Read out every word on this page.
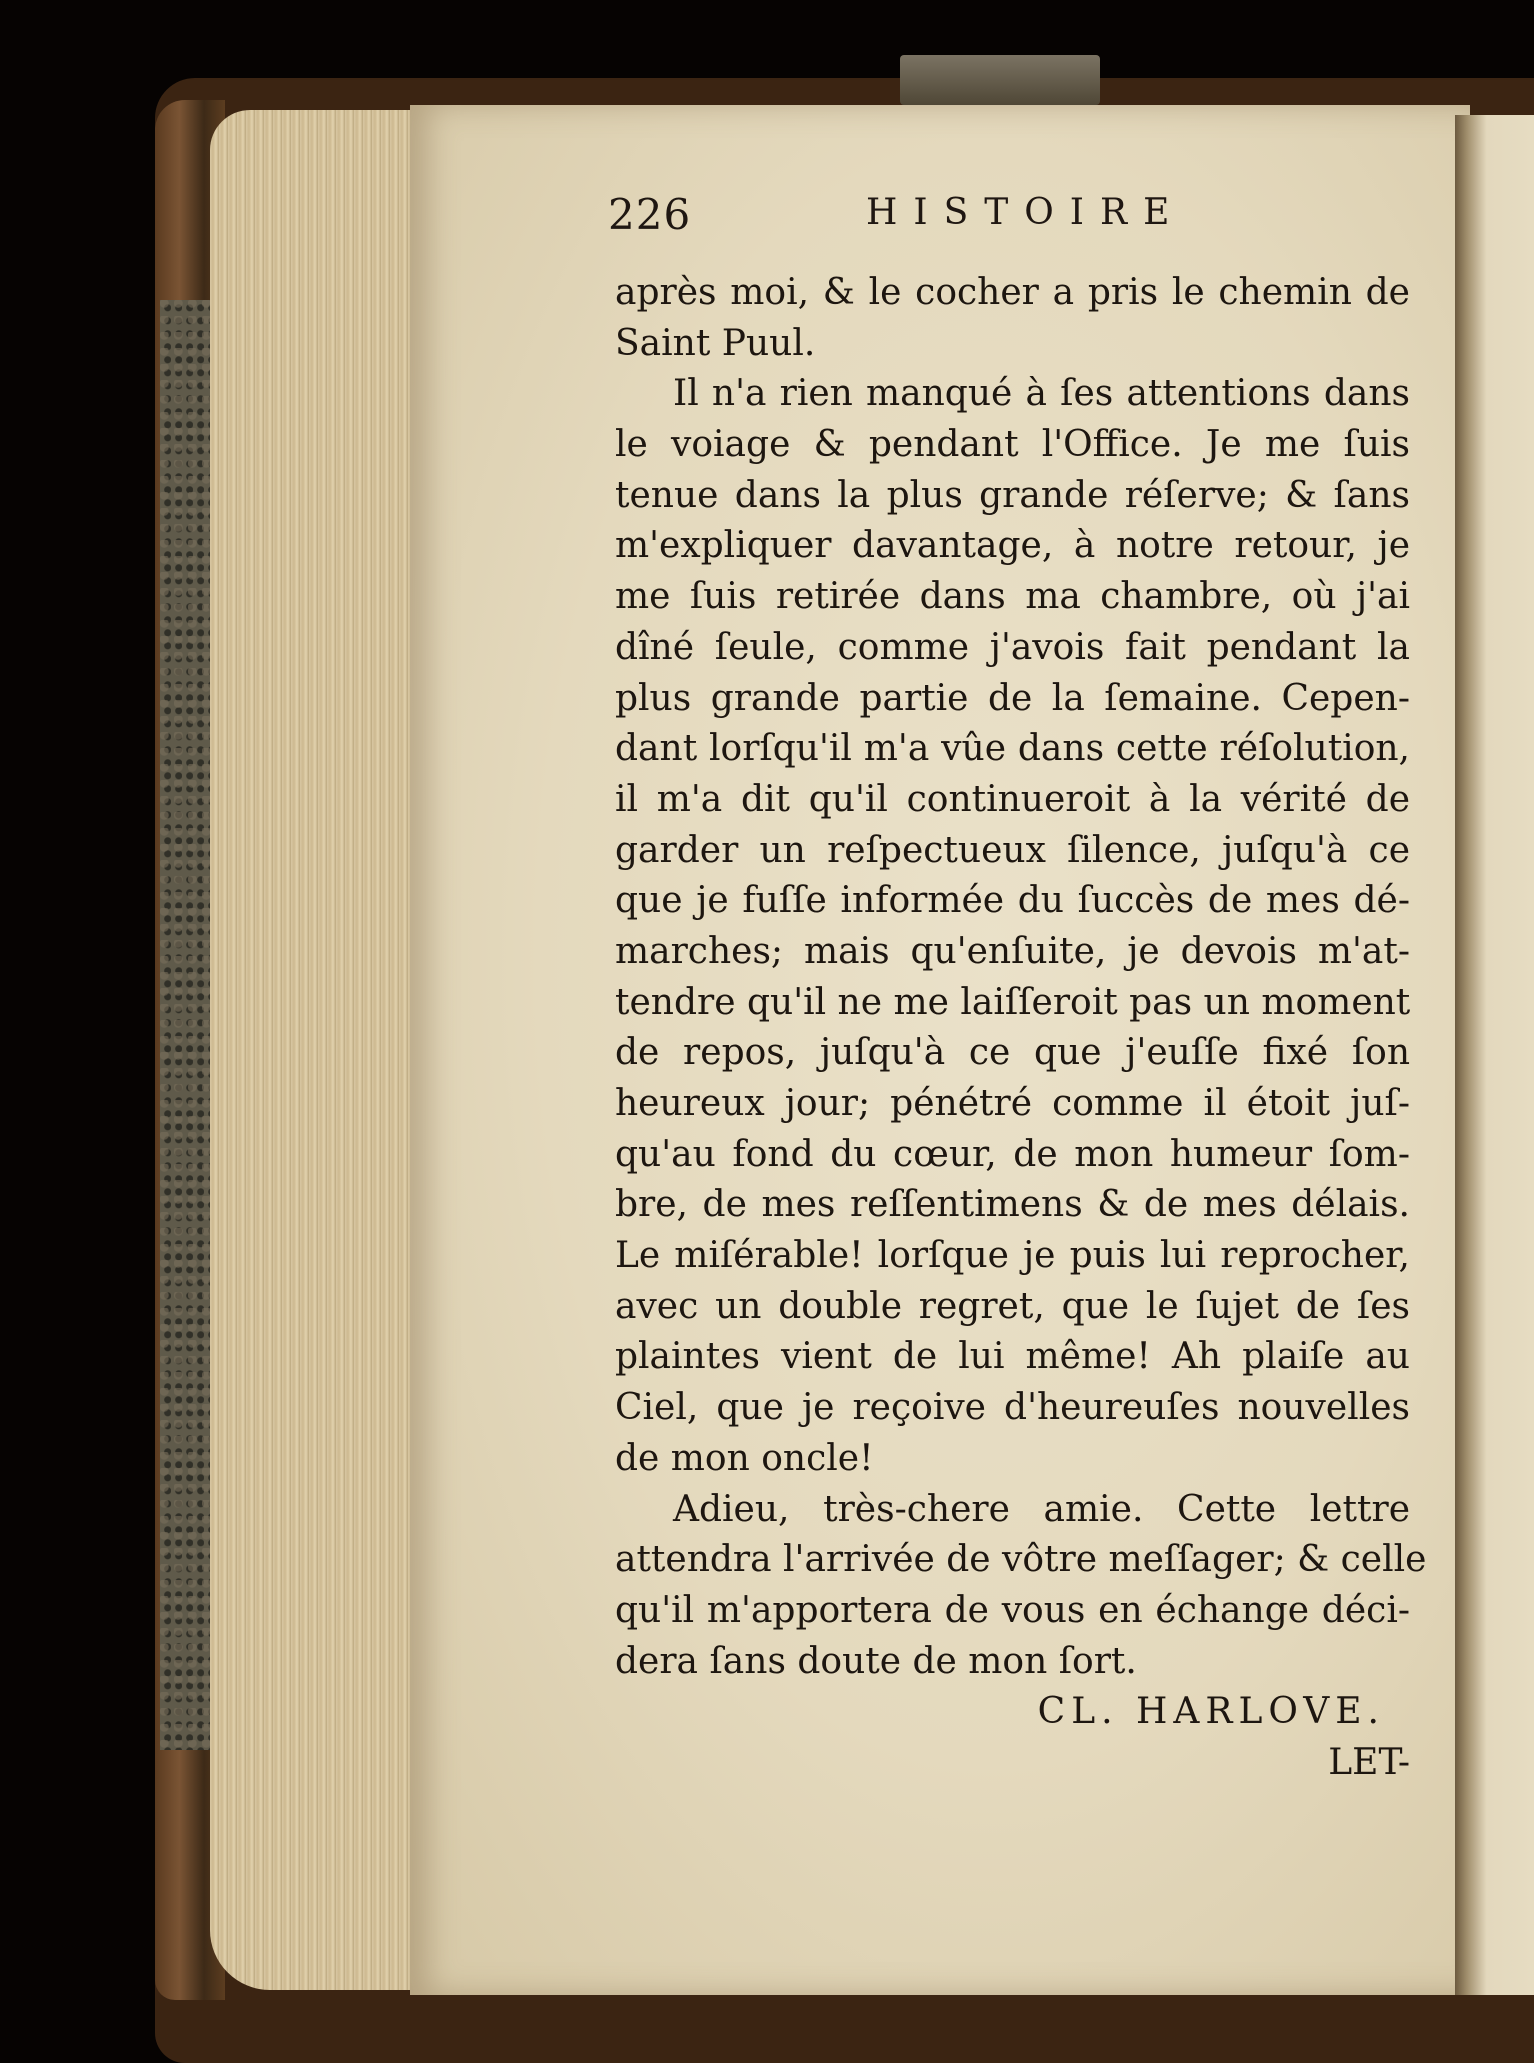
226	HISTOIRE
après moi, & le cocher a pris le chemin de
Saint Puul.
Il n'a rien manqué à ſes attentions dans
le voiage & pendant l'Office. Je me ſuis
tenue dans la plus grande réſerve; & ſans
m'expliquer davantage, à notre retour, je
me ſuis retirée dans ma chambre, où j'ai
dîné ſeule, comme j'avois fait pendant la
plus grande partie de la ſemaine. Cepen-
dant lorſqu'il m'a vûe dans cette réſolution,
il m'a dit qu'il continueroit à la vérité de
garder un reſpectueux ſilence, juſqu'à ce
que je fuſſe informée du ſuccès de mes dé-
marches; mais qu'enſuite, je devois m'at-
tendre qu'il ne me laiſſeroit pas un moment
de repos, juſqu'à ce que j'euſſe fixé ſon
heureux jour; pénétré comme il étoit juſ-
qu'au fond du cœur, de mon humeur ſom-
bre, de mes reſſentimens & de mes délais.
Le miſérable! lorſque je puis lui reprocher,
avec un double regret, que le ſujet de ſes
plaintes vient de lui même! Ah plaiſe au
Ciel, que je reçoive d'heureuſes nouvelles
de mon oncle!
Adieu, très-chere amie. Cette lettre
attendra l'arrivée de vôtre meſſager; & celle
qu'il m'apportera de vous en échange déci-
dera ſans doute de mon ſort.
CL. HARLOVE.
LET-
